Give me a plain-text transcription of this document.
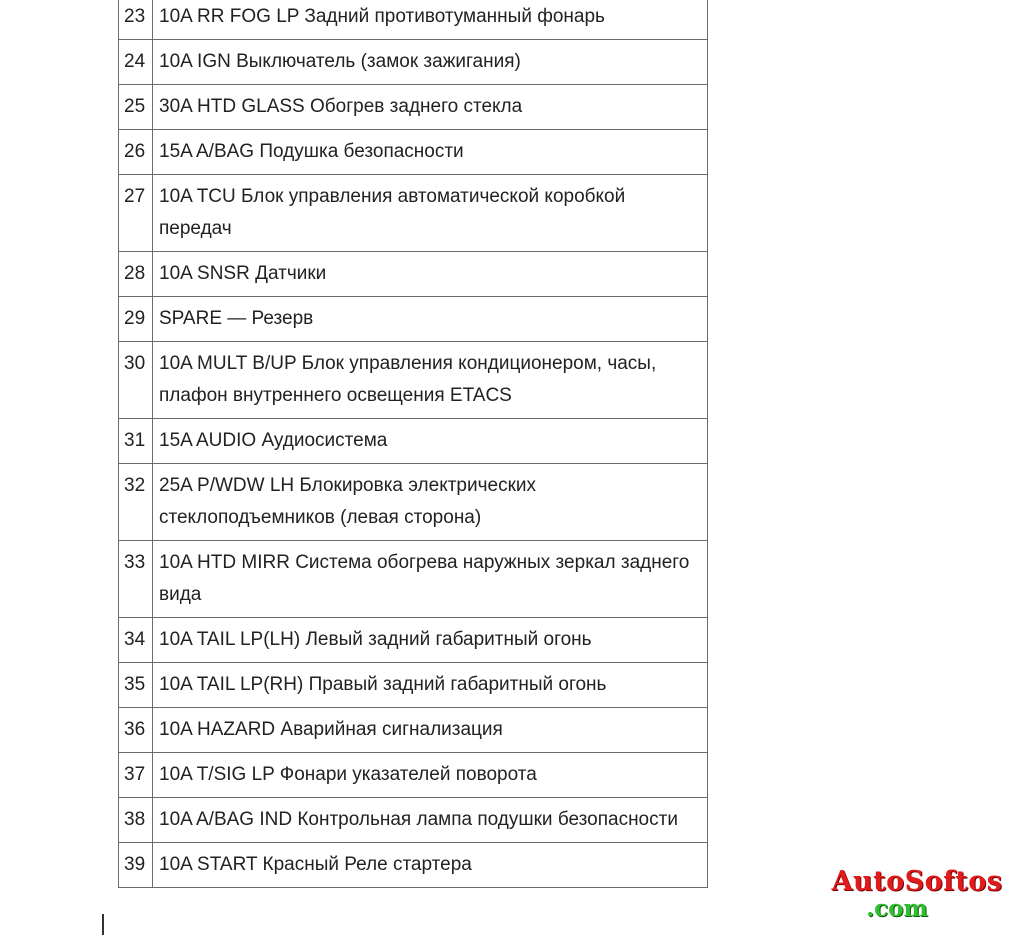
23	10A RR FOG LP Задний противотуманный фонарь
24	10A IGN Выключатель (замок зажигания)
25	30A HTD GLASS Обогрев заднего стекла
26	15A A/BAG Подушка безопасности
27	10A TCU Блок управления автоматической коробкой передач
28	10A SNSR Датчики
29	SPARE — Резерв
30	10A MULT B/UP Блок управления кондиционером, часы, плафон внутреннего освещения ETACS
31	15A AUDIO Аудиосистема
32	25A P/WDW LH Блокировка электрических стеклоподъемников (левая сторона)
33	10A HTD MIRR Система обогрева наружных зеркал заднего вида
34	10A TAIL LP(LH) Левый задний габаритный огонь
35	10A TAIL LP(RH) Правый задний габаритный огонь
36	10A HAZARD Аварийная сигнализация
37	10A T/SIG LP Фонари указателей поворота
38	10A A/BAG IND Контрольная лампа подушки безопасности
39	10A START Красный Реле стартера
AutoSoftos
.com
